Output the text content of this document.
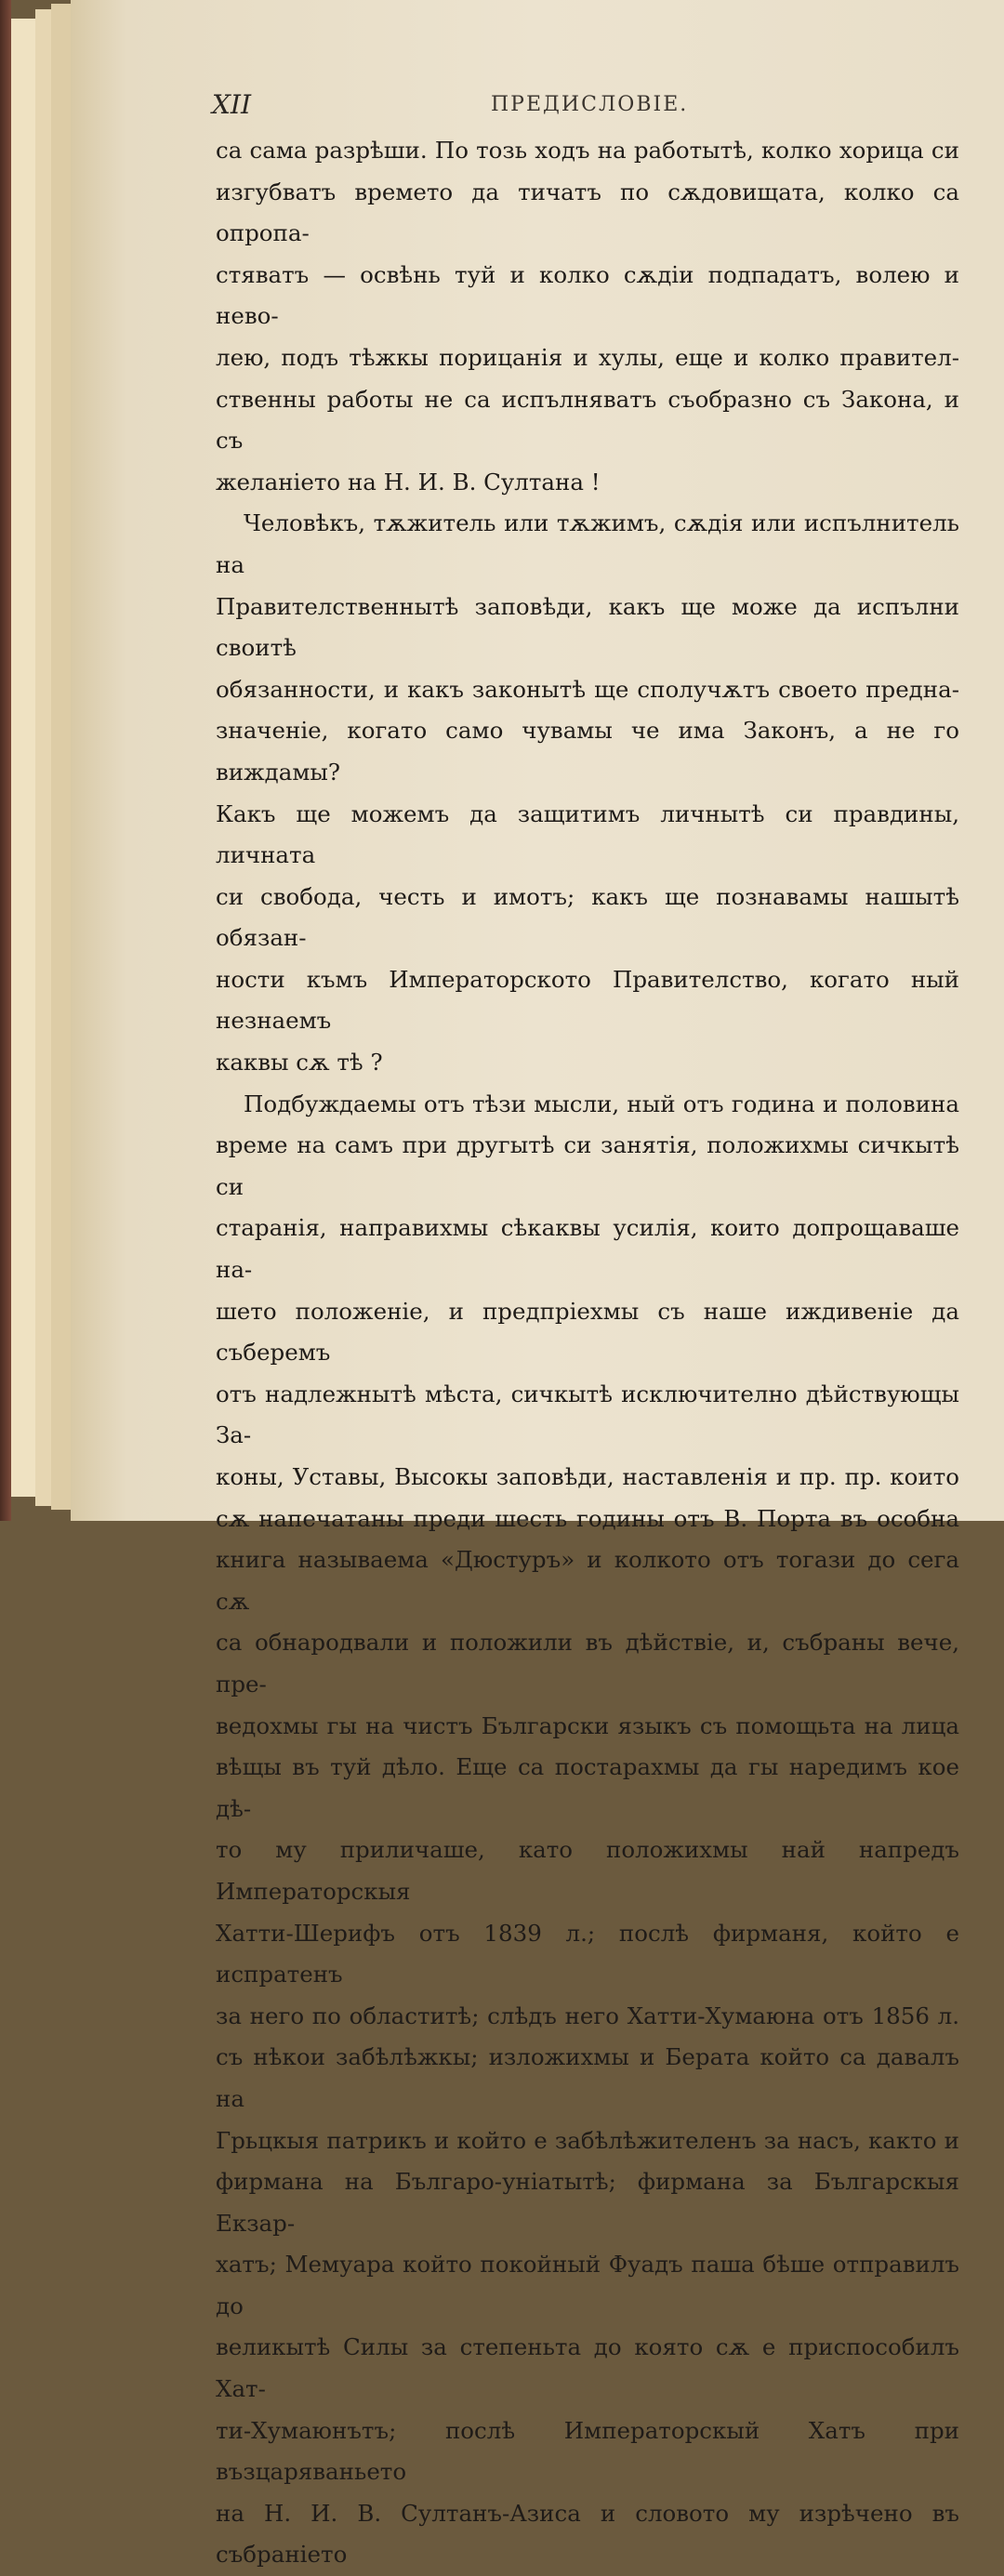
XII	ПРЕДИСЛОВІЕ.

са сама разрѣши. По тозь ходъ на работытѣ, колко хорица си

изгубватъ времето да тичатъ по сѫдовищата, колко са опропа-

стяватъ — освѣнь туй и колко сѫдіи подпадатъ, волею и нево-

лею, подъ тѣжкы порицанія и хулы, еще и колко правител-

ственны работы не са испълняватъ съобразно съ Закона, и съ

желаніето на Н. И. В. Султана !

Человѣкъ, тѫжитель или тѫжимъ, сѫдія или испълнитель на

Правителственнытѣ заповѣди, какъ ще може да испълни своитѣ

обязанности, и какъ законытѣ ще сполучѫтъ своето предна-

значеніе, когато само чувамы че има Законъ, а не го виждамы?

Какъ ще можемъ да защитимъ личнытѣ си правдины, личната

си свобода, честь и имотъ; какъ ще познавамы нашытѣ обязан-

ности къмъ Императорското Правителство, когато ный незнаемъ

каквы сѫ тѣ ?

Подбуждаемы отъ тѣзи мысли, ный отъ година и половина

време на самъ при другытѣ си занятія, положихмы сичкытѣ си

старанія, направихмы сѣкаквы усилія, които допрощаваше на-

шето положеніе, и предпріехмы съ наше иждивеніе да съберемъ

отъ надлежнытѣ мѣста, сичкытѣ исключително дѣйствующы За-

коны, Уставы, Высокы заповѣди, наставленія и пр. пр. които

сѫ напечатаны преди шесть годины отъ В. Порта въ особна

книга называема «Дюстуръ» и колкото отъ тогази до сега сѫ

са обнародвали и положили въ дѣйствіе, и, събраны вече, пре-

ведохмы гы на чистъ Български языкъ съ помощьта на лица

вѣщы въ туй дѣло. Еще са постарахмы да гы наредимъ кое дѣ-

то му приличаше, като положихмы най напредъ Императорскыя

Хатти-Шерифъ отъ 1839 л.; послѣ фирманя, който е испратенъ

за него по областитѣ; слѣдъ него Хатти-Хумаюна отъ 1856 л.

съ нѣкои забѣлѣжкы; изложихмы и Берата който са давалъ на

Грьцкыя патрикъ и който е забѣлѣжителенъ за насъ, както и

фирмана на Българо-уніатытѣ; фирмана за Българскыя Екзар-

хатъ; Мемуара който покойный Фуадъ паша бѣше отправилъ до

великытѣ Силы за степеньта до която сѫ е приспособилъ Хат-

ти-Хумаюнътъ; послѣ Императорскый Хатъ при възцаряваньето

на Н. И. В. Султанъ-Азиса и словото му изрѣчено въ събраніето
